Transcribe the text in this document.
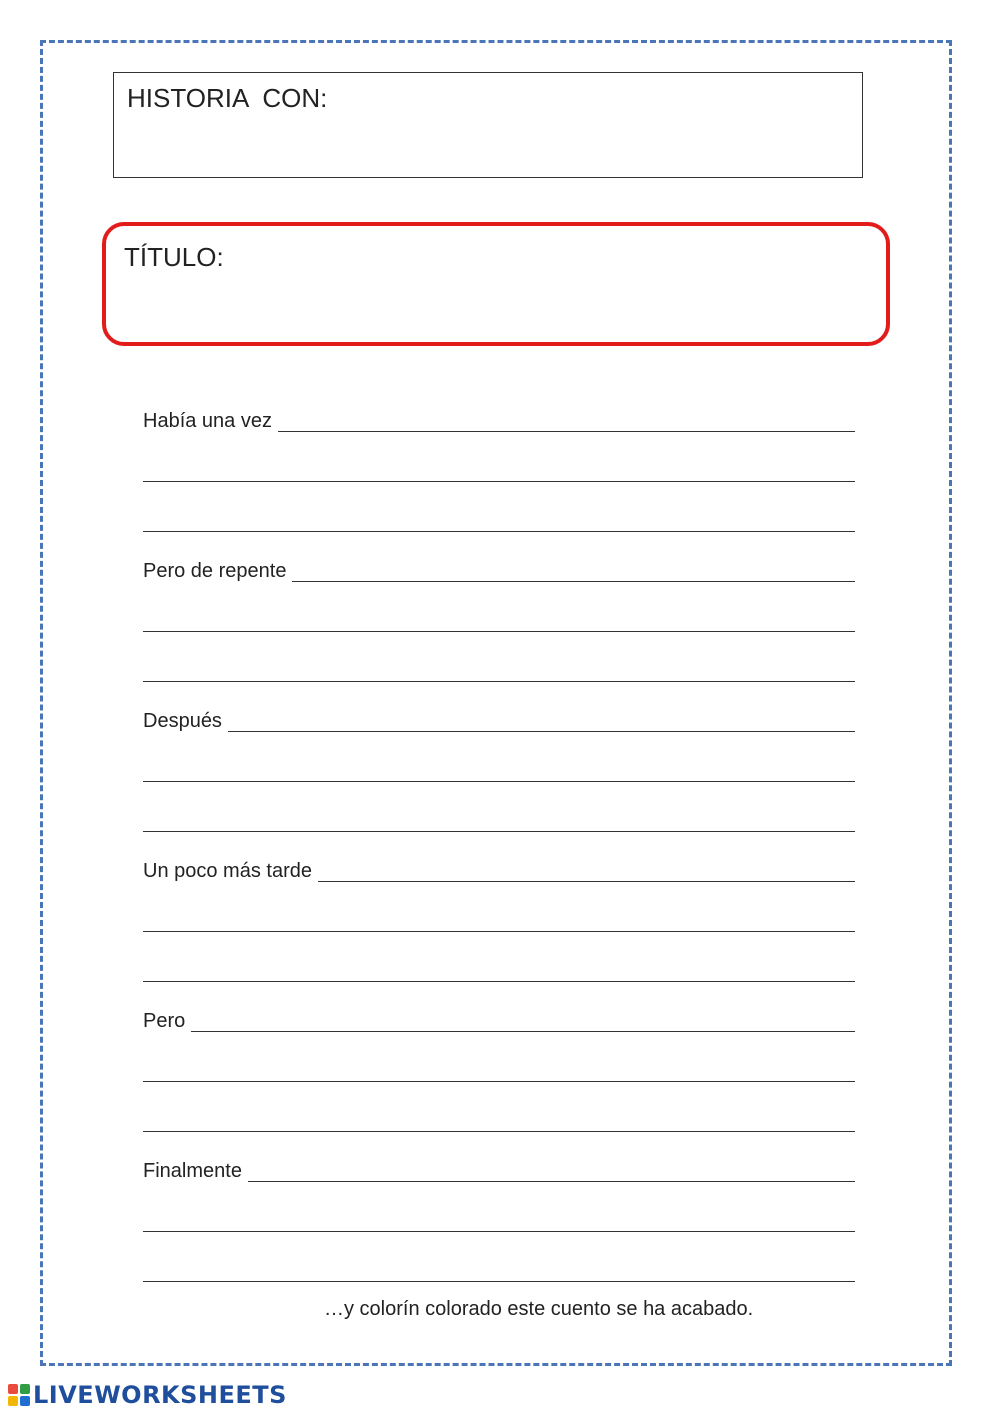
HISTORIA  CON:
TÍTULO:
Había una vez
Pero de repente
Después
Un poco más tarde
Pero
Finalmente
…y colorín colorado este cuento se ha acabado.
LIVEWORKSHEETS
